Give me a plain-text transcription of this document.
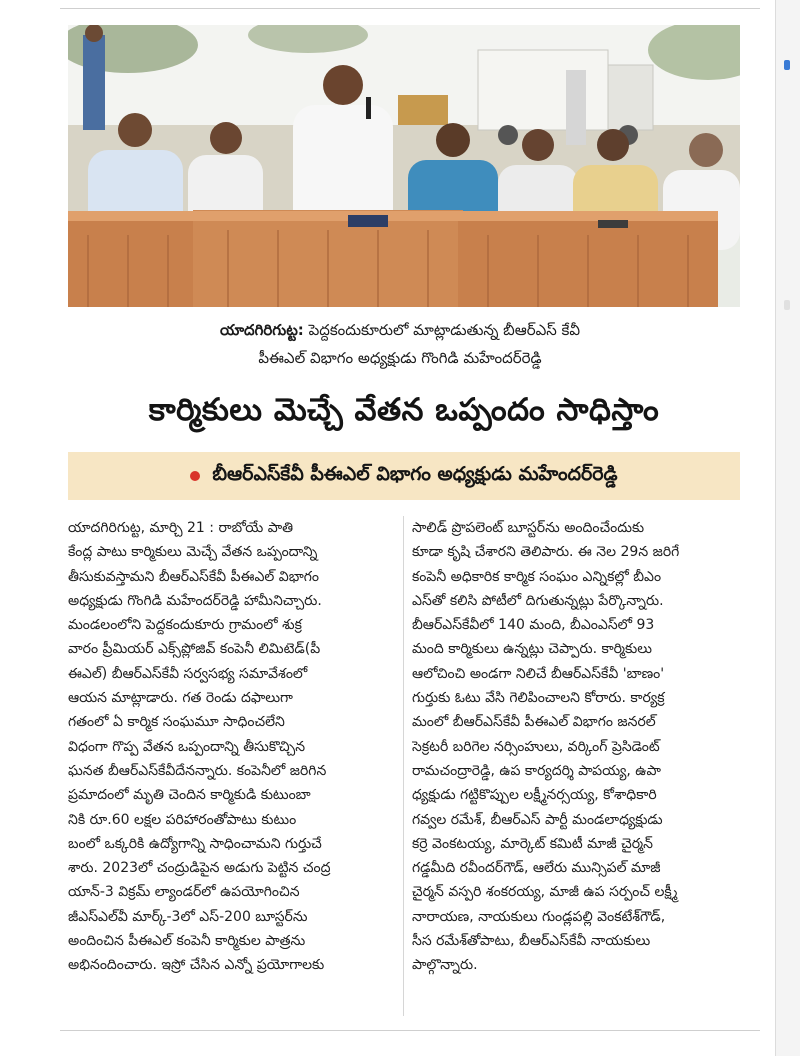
యాదగిరిగుట్ట: పెద్దకందుకూరులో మాట్లాడుతున్న బీఆర్ఎస్ కేవీ
పీఈఎల్ విభాగం అధ్యక్షుడు గొంగిడి మహేందర్‌రెడ్డి
కార్మికులు మెచ్చే వేతన ఒప్పందం సాధిస్తాం
బీఆర్ఎస్‌కేవీ పీఈఎల్ విభాగం అధ్యక్షుడు మహేందర్‌రెడ్డి

యాదగిరిగుట్ట, మార్చి 21 : రాబోయే పాతి

కేంద్ల పాటు కార్మికులు మెచ్చే వేతన ఒప్పందాన్ని

తీసుకువస్తామని బీఆర్ఎస్‌కేవీ పీఈఎల్ విభాగం

అధ్యక్షుడు గొంగిడి మహేందర్‌రెడ్డి హామీనిచ్చారు.

మండలంలోని పెద్దకందుకూరు గ్రామంలో శుక్ర

వారం ప్రీమియర్ ఎక్స్‌ప్లోజివ్ కంపెనీ లిమిటెడ్(పీ

ఈఎల్) బీఆర్ఎస్‌కేవీ సర్వసభ్య సమావేశంలో

ఆయన మాట్లాడారు. గత రెండు దఫాలుగా

గతంలో ఏ కార్మిక సంఘమూ సాధించలేని

విధంగా గొప్ప వేతన ఒప్పందాన్ని తీసుకొచ్చిన

ఘనత బీఆర్ఎస్‌కేవీదేనన్నారు. కంపెనీలో జరిగిన

ప్రమాదంలో మృతి చెందిన కార్మికుడి కుటుంబా

నికి రూ.60 లక్షల పరిహారంతోపాటు కుటుం

బంలో ఒక్కరికి ఉద్యోగాన్ని సాధించామని గుర్తుచే

శారు. 2023లో చంద్రుడిపైన అడుగు పెట్టిన చంద్ర

యాన్-3 విక్రమ్ ల్యాండర్‌లో ఉపయోగించిన

జీఎస్ఎల్‌వీ మార్క్-3లో ఎస్-200 బూస్టర్‌ను

అందించిన పీఈఎల్ కంపెనీ కార్మికుల పాత్రను

అభినందించారు. ఇస్రో చేసిన ఎన్నో ప్రయోగాలకు

సాలిడ్ ప్రొపలెంట్ బూస్టర్‌ను అందించేందుకు

కూడా కృషి చేశారని తెలిపారు. ఈ నెల 29న జరిగే

కంపెనీ అధికారిక కార్మిక సంఘం ఎన్నికల్లో బీఎం

ఎస్‌తో కలిసి పోటీలో దిగుతున్నట్లు పేర్కొన్నారు.

బీఆర్ఎస్‌కేవీలో 140 మంది, బీఎంఎస్‌లో 93

మంది కార్మికులు ఉన్నట్లు చెప్పారు. కార్మికులు

ఆలోచించి అండగా నిలిచే బీఆర్ఎస్‌కేవీ 'బాణం'

గుర్తుకు ఓటు వేసి గెలిపించాలని కోరారు. కార్యక్ర

మంలో బీఆర్ఎస్‌కేవీ పీఈఎల్ విభాగం జనరల్

సెక్రటరీ బరిగెల నర్సింహులు, వర్కింగ్ ప్రెసిడెంట్

రామచంద్రారెడ్డి, ఉప కార్యదర్శి పాపయ్య, ఉపా

ధ్యక్షుడు గట్టికొప్పుల లక్ష్మీనర్సయ్య, కోశాధికారి

గవ్వల రమేశ్, బీఆర్ఎస్ పార్టీ మండలాధ్యక్షుడు

కర్రె వెంకటయ్య, మార్కెట్ కమిటీ మాజీ చైర్మన్

గడ్డమీది రవీందర్‌గౌడ్, ఆలేరు మున్సిపల్ మాజీ

చైర్మన్ వస్పరి శంకరయ్య, మాజీ ఉప సర్పంచ్ లక్ష్మీ

నారాయణ, నాయకులు గుండ్లపల్లి వెంకటేశ్‌గౌడ్,

సీస రమేశ్‌తోపాటు, బీఆర్ఎస్‌కేవీ నాయకులు

పాల్గొన్నారు.
